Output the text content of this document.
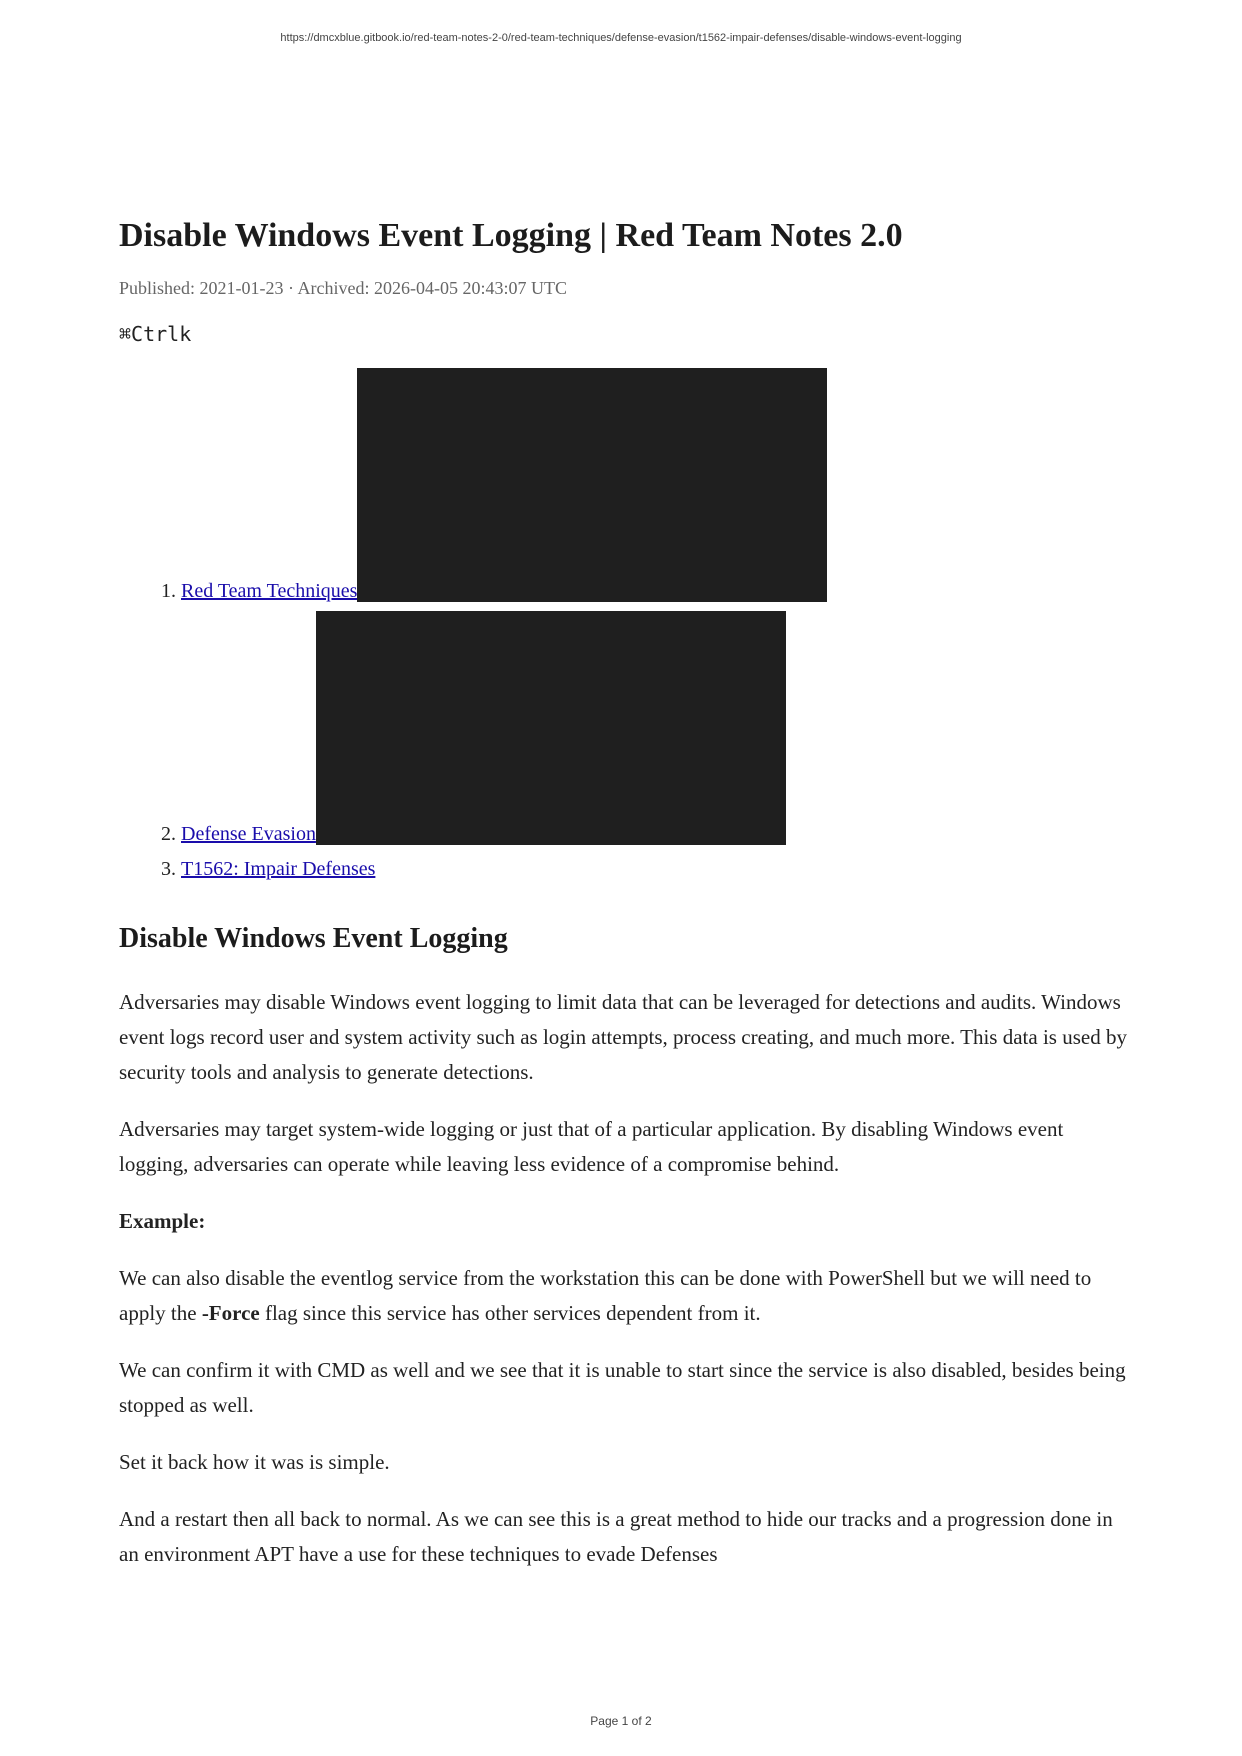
https://dmcxblue.gitbook.io/red-team-notes-2-0/red-team-techniques/defense-evasion/t1562-impair-defenses/disable-windows-event-logging
Disable Windows Event Logging | Red Team Notes 2.0
Published: 2021-01-23 · Archived: 2026-04-05 20:43:07 UTC
⌘Ctrlk
1. Red Team Techniques
2. Defense Evasion
3. T1562: Impair Defenses
Disable Windows Event Logging

Adversaries may disable Windows event logging to limit data that can be leveraged for detections and audits. Windows event logs record user and system activity such as login attempts, process creating, and much more. This data is used by security tools and analysis to generate detections.

Adversaries may target system-wide logging or just that of a particular application. By disabling Windows event logging, adversaries can operate while leaving less evidence of a compromise behind.

Example:

We can also disable the eventlog service from the workstation this can be done with PowerShell but we will need to apply the -Force flag since this service has other services dependent from it.

We can confirm it with CMD as well and we see that it is unable to start since the service is also disabled, besides being stopped as well.

Set it back how it was is simple.

And a restart then all back to normal. As we can see this is a great method to hide our tracks and a progression done in an environment APT have a use for these techniques to evade Defenses

Page 1 of 2
